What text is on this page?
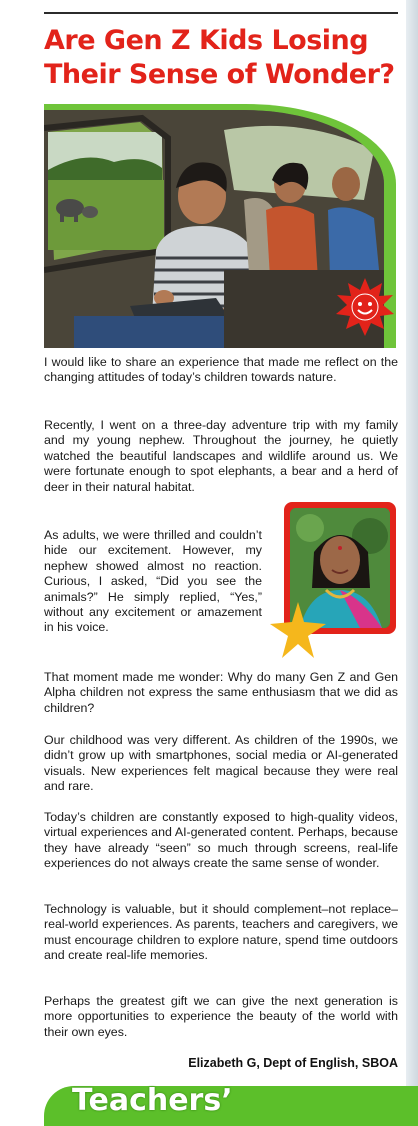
Are Gen Z Kids Losing
Their Sense of Wonder?

I would like to share an experience that made me reflect on the changing attitudes of today’s children towards nature.

Recently, I went on a three-day adventure trip with my family and my young nephew. Throughout the journey, he quietly watched the beautiful landscapes and wildlife around us. We were fortunate enough to spot elephants, a bear and a herd of deer in their natural habitat.

As adults, we were thrilled and couldn’t hide our excitement. However, my nephew showed almost no reaction. Curious, I asked, “Did you see the animals?” He simply replied, “Yes,” without any excitement or amazement in his voice.

That moment made me wonder: Why do many Gen Z and Gen Alpha children not express the same enthusiasm that we did as children?

Our childhood was very different. As children of the 1990s, we didn’t grow up with smartphones, social media or AI-generated visuals. New experiences felt magical because they were real and rare.

Today’s children are constantly exposed to high-quality videos, virtual experiences and AI-generated content. Perhaps, because they have already “seen” so much through screens, real-life experiences do not always create the same sense of wonder.

Technology is valuable, but it should complement–not replace–real-world experiences. As parents, teachers and caregivers, we must encourage children to explore nature, spend time outdoors and create real-life memories.

Perhaps the greatest gift we can give the next generation is more opportunities to experience the beauty of the world with their own eyes.

Elizabeth G, Dept of English, SBOA
Teachers’
